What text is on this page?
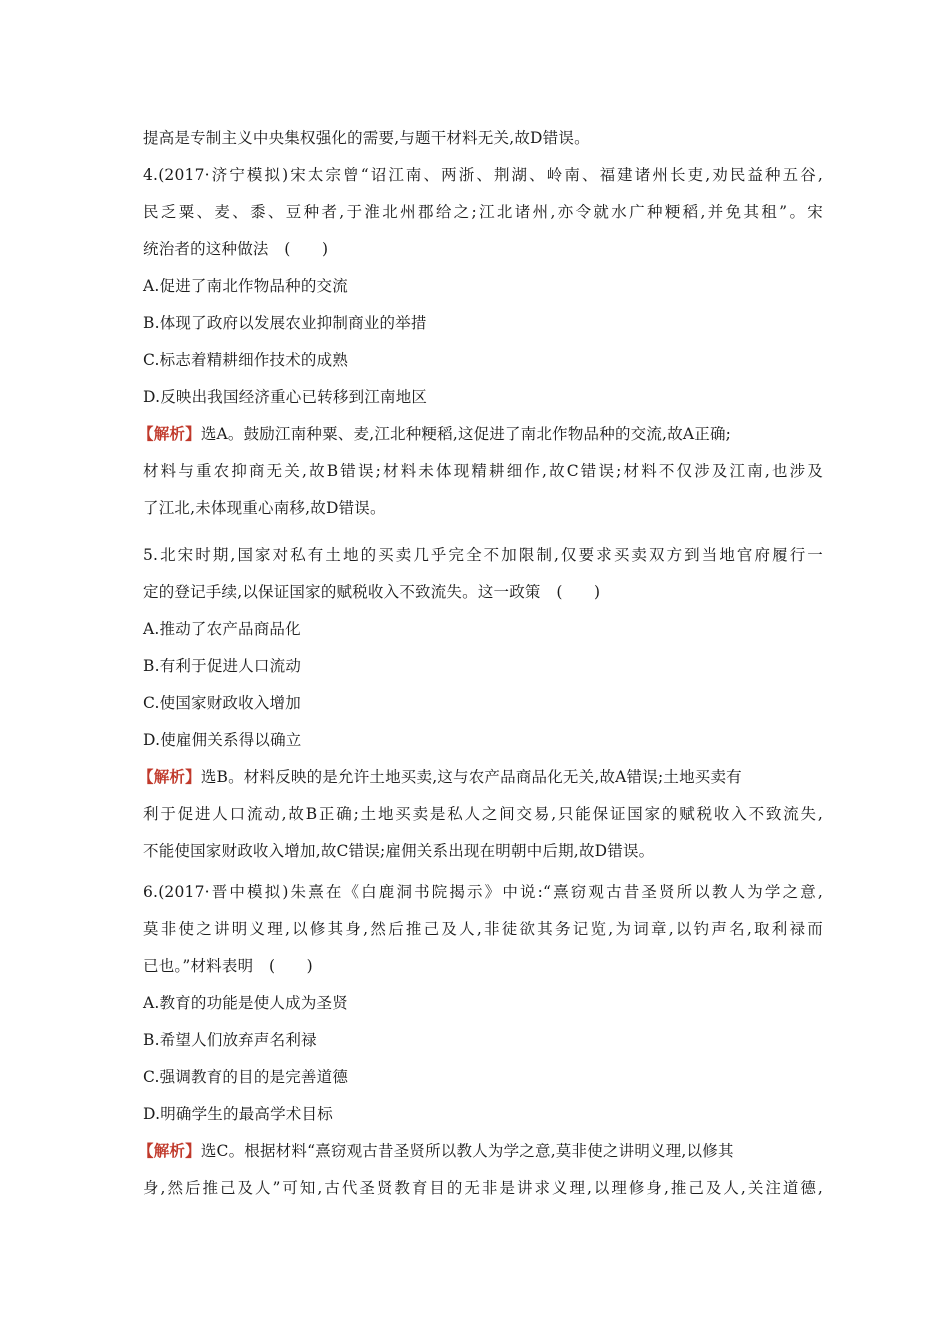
提高是专制主义中央集权强化的需要,与题干材料无关,故D错误。
4.(2017·济宁模拟)宋太宗曾“诏江南、两浙、荆湖、岭南、福建诸州长吏,劝民益种五谷,
民乏粟、麦、黍、豆种者,于淮北州郡给之;江北诸州,亦令就水广种粳稻,并免其租”。宋
统治者的这种做法　(　　)
A.促进了南北作物品种的交流
B.体现了政府以发展农业抑制商业的举措
C.标志着精耕细作技术的成熟
D.反映出我国经济重心已转移到江南地区
【解析】选A。鼓励江南种粟、麦,江北种粳稻,这促进了南北作物品种的交流,故A正确;
材料与重农抑商无关,故B错误;材料未体现精耕细作,故C错误;材料不仅涉及江南,也涉及
了江北,未体现重心南移,故D错误。
5.北宋时期,国家对私有土地的买卖几乎完全不加限制,仅要求买卖双方到当地官府履行一
定的登记手续,以保证国家的赋税收入不致流失。这一政策　(　　)
A.推动了农产品商品化
B.有利于促进人口流动
C.使国家财政收入增加
D.使雇佣关系得以确立
【解析】选B。材料反映的是允许土地买卖,这与农产品商品化无关,故A错误;土地买卖有
利于促进人口流动,故B正确;土地买卖是私人之间交易,只能保证国家的赋税收入不致流失,
不能使国家财政收入增加,故C错误;雇佣关系出现在明朝中后期,故D错误。
6.(2017·晋中模拟)朱熹在《白鹿洞书院揭示》中说:“熹窃观古昔圣贤所以教人为学之意,
莫非使之讲明义理,以修其身,然后推己及人,非徒欲其务记览,为词章,以钓声名,取利禄而
已也。”材料表明　(　　)
A.教育的功能是使人成为圣贤
B.希望人们放弃声名利禄
C.强调教育的目的是完善道德
D.明确学生的最高学术目标
【解析】选C。根据材料“熹窃观古昔圣贤所以教人为学之意,莫非使之讲明义理,以修其
身,然后推己及人”可知,古代圣贤教育目的无非是讲求义理,以理修身,推己及人,关注道德,
